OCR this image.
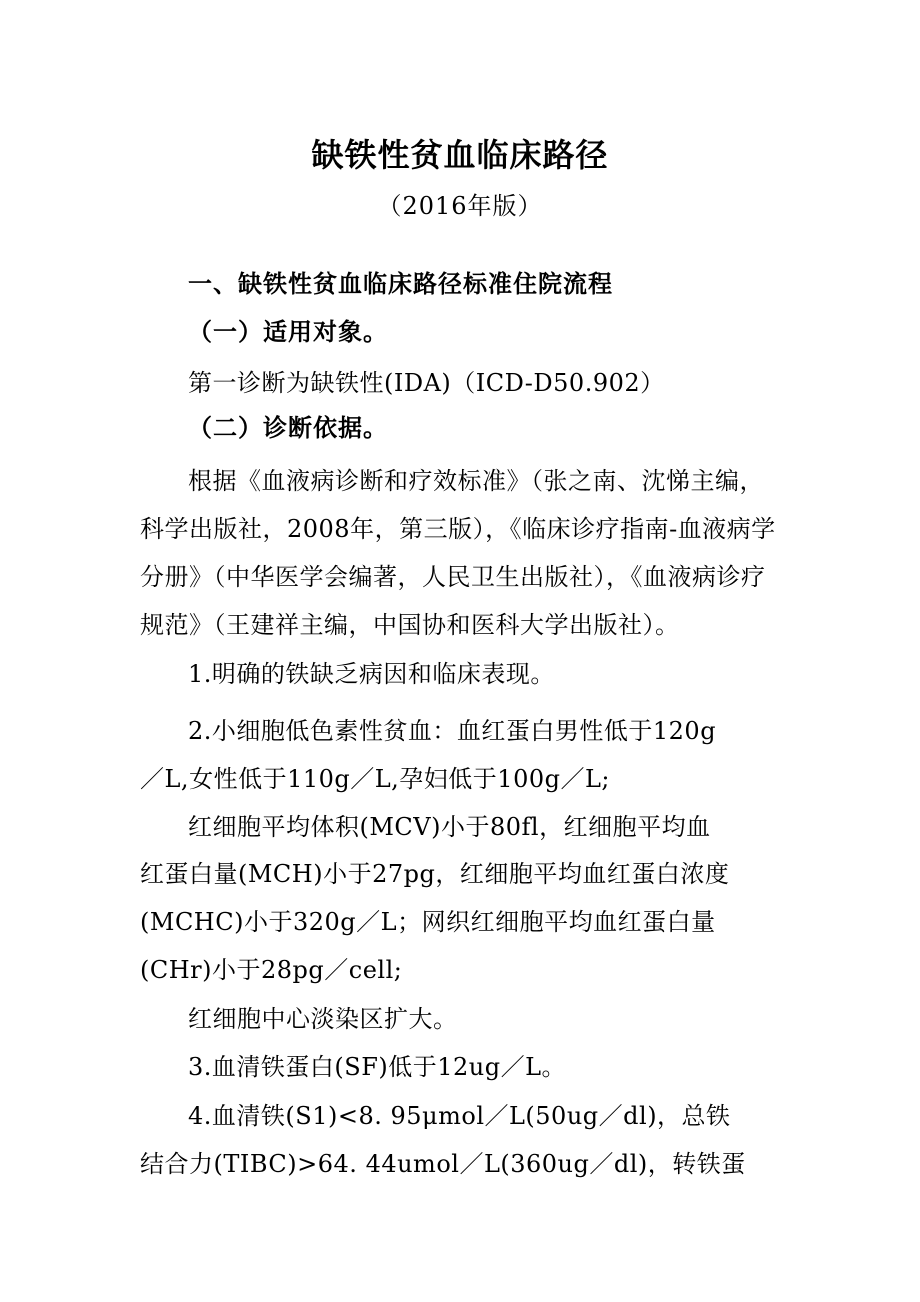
缺铁性贫血临床路径
（2016年版）
一、缺铁性贫血临床路径标准住院流程
（一）适用对象。
第一诊断为缺铁性(IDA)（ICD-D50.902）
（二）诊断依据。
根据《血液病诊断和疗效标准》（张之南、沈悌主编，
科学出版社，2008年，第三版），《临床诊疗指南-血液病学
分册》（中华医学会编著，人民卫生出版社），《血液病诊疗
规范》（王建祥主编，中国协和医科大学出版社）。
1.明确的铁缺乏病因和临床表现。
2.小细胞低色素性贫血：血红蛋白男性低于120g
／L,女性低于110g／L,孕妇低于100g／L;
红细胞平均体积(MCV)小于80fl，红细胞平均血
红蛋白量(MCH)小于27pg，红细胞平均血红蛋白浓度
(MCHC)小于320g／L；网织红细胞平均血红蛋白量
(CHr)小于28pg／cell;
红细胞中心淡染区扩大。
3.血清铁蛋白(SF)低于12ug／L。
4.血清铁(S1)<8. 95μmol／L(50ug／dl)，总铁
结合力(TIBC)>64. 44umol／L(360ug／dl)，转铁蛋
